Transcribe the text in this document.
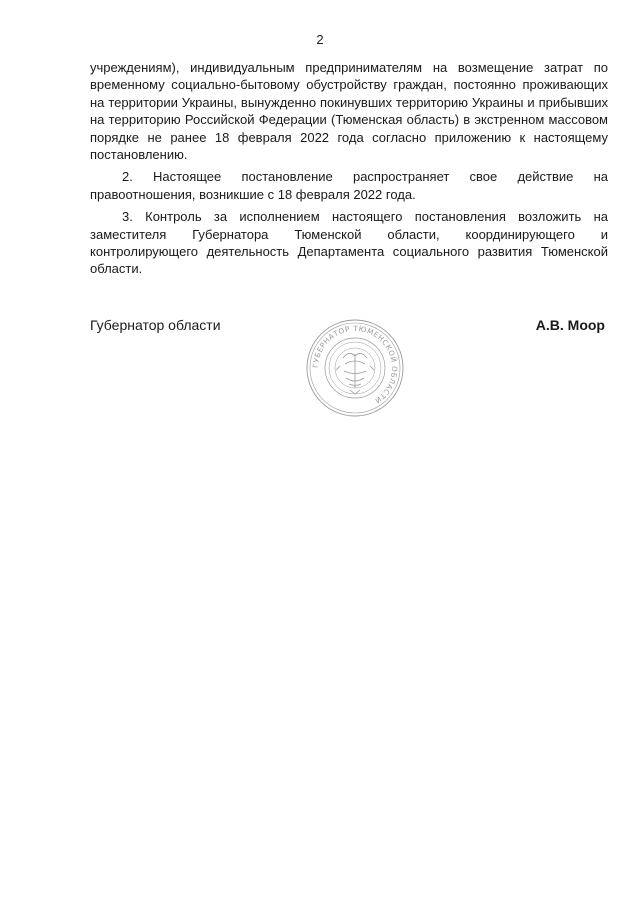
2

учреждениям), индивидуальным предпринимателям на возмещение затрат по временному социально-бытовому обустройству граждан, постоянно проживающих на территории Украины, вынужденно покинувших территорию Украины и прибывших на территорию Российской Федерации (Тюменская область) в экстренном массовом порядке не ранее 18 февраля 2022 года согласно приложению к настоящему постановлению.

2. Настоящее постановление распространяет свое действие на правоотношения, возникшие с 18 февраля 2022 года.

3. Контроль за исполнением настоящего постановления возложить на заместителя Губернатора Тюменской области, координирующего и контролирующего деятельность Департамента социального развития Тюменской области.

Губернатор области	А.В. Моор
ГУБЕРНАТОР ТЮМЕНСКОЙ ОБЛАСТИ
